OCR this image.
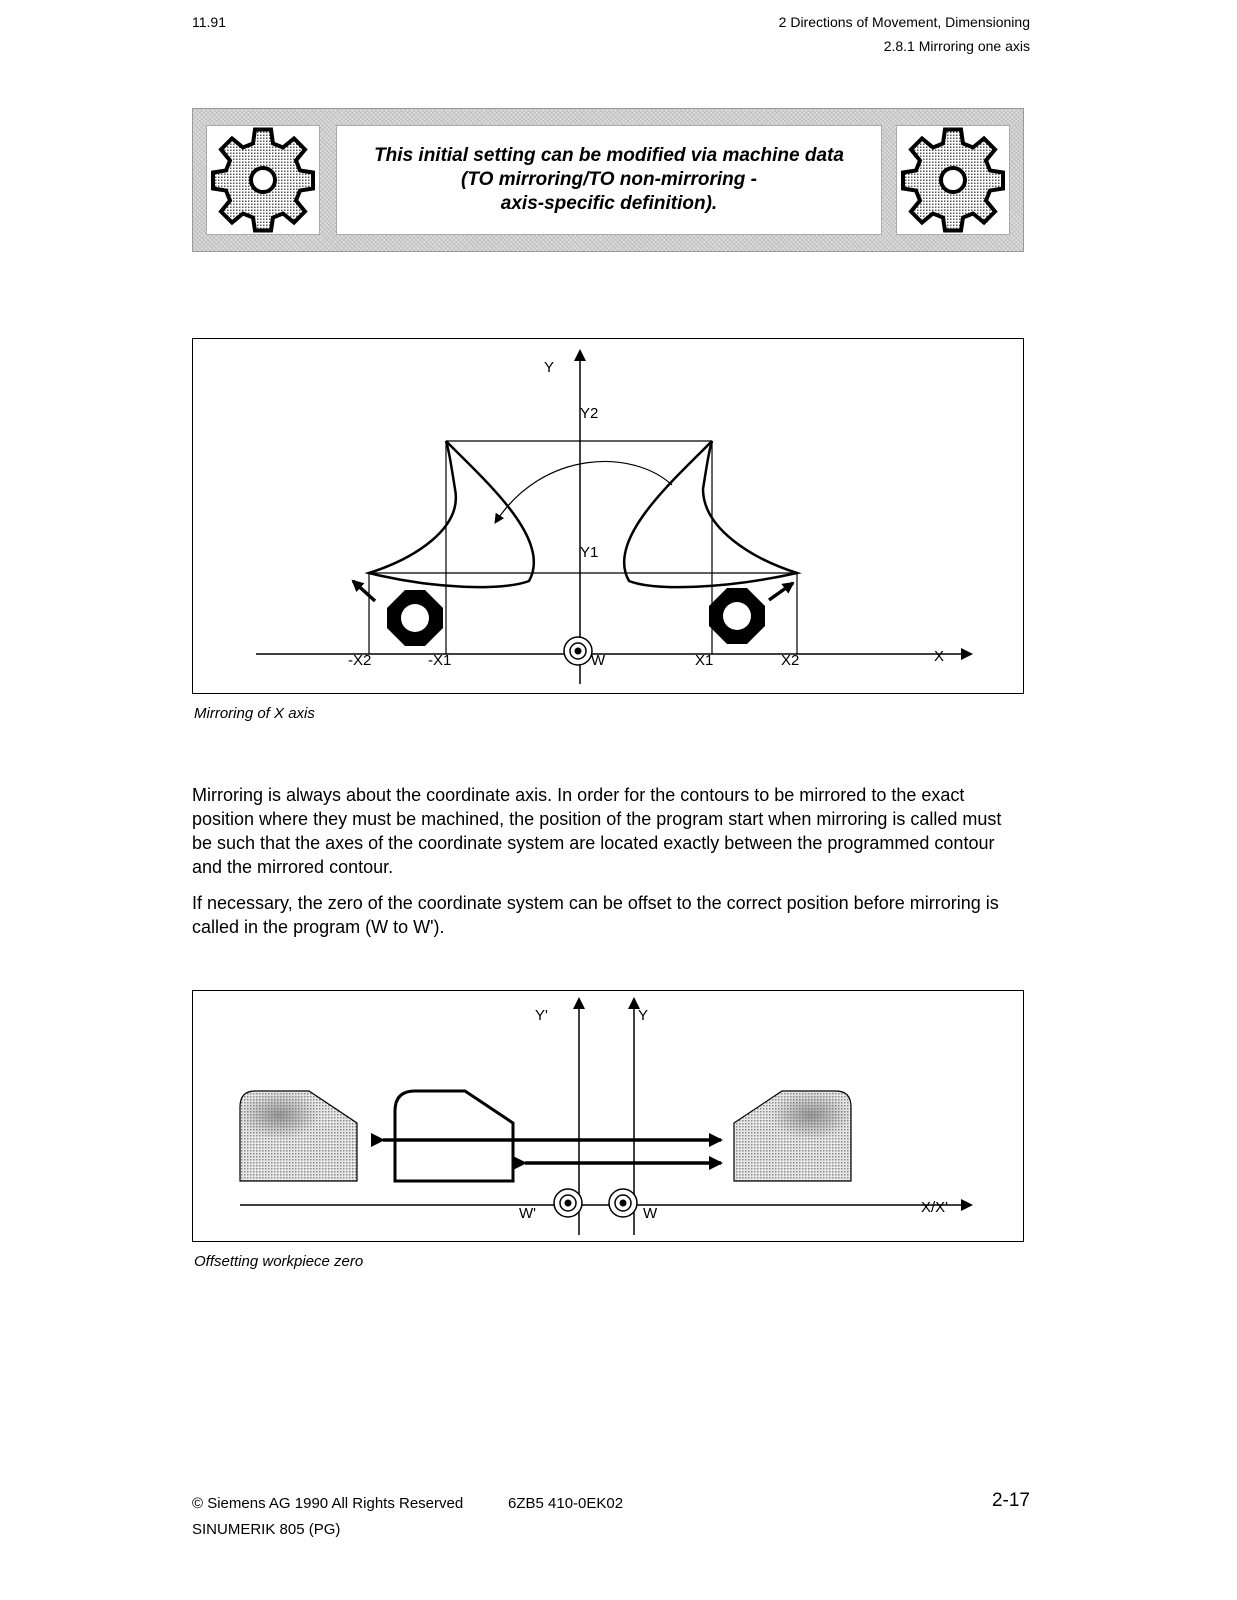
11.91	2 Directions of Movement, Dimensioning
2.8.1 Mirroring one axis
This initial setting can be modified via machine data
(TO mirroring/TO non-mirroring -
axis-specific definition).
Y
Y2
Y1
-X2	-X1	W	X1	X2	X
Mirroring of X axis
Mirroring is always about the coordinate axis. In order for the contours to be mirrored to the exact position where they must be machined, the position of the program start when mirroring is called must be such that the axes of the coordinate system are located exactly between the programmed contour and the mirrored contour.
If necessary, the zero of the coordinate system can be offset to the correct position before mirroring is called in the program (W to W').
Y'	Y
W'	W	X/X'
Offsetting workpiece zero
© Siemens AG 1990 All Rights Reserved	6ZB5 410-0EK02	2-17
SINUMERIK 805 (PG)
